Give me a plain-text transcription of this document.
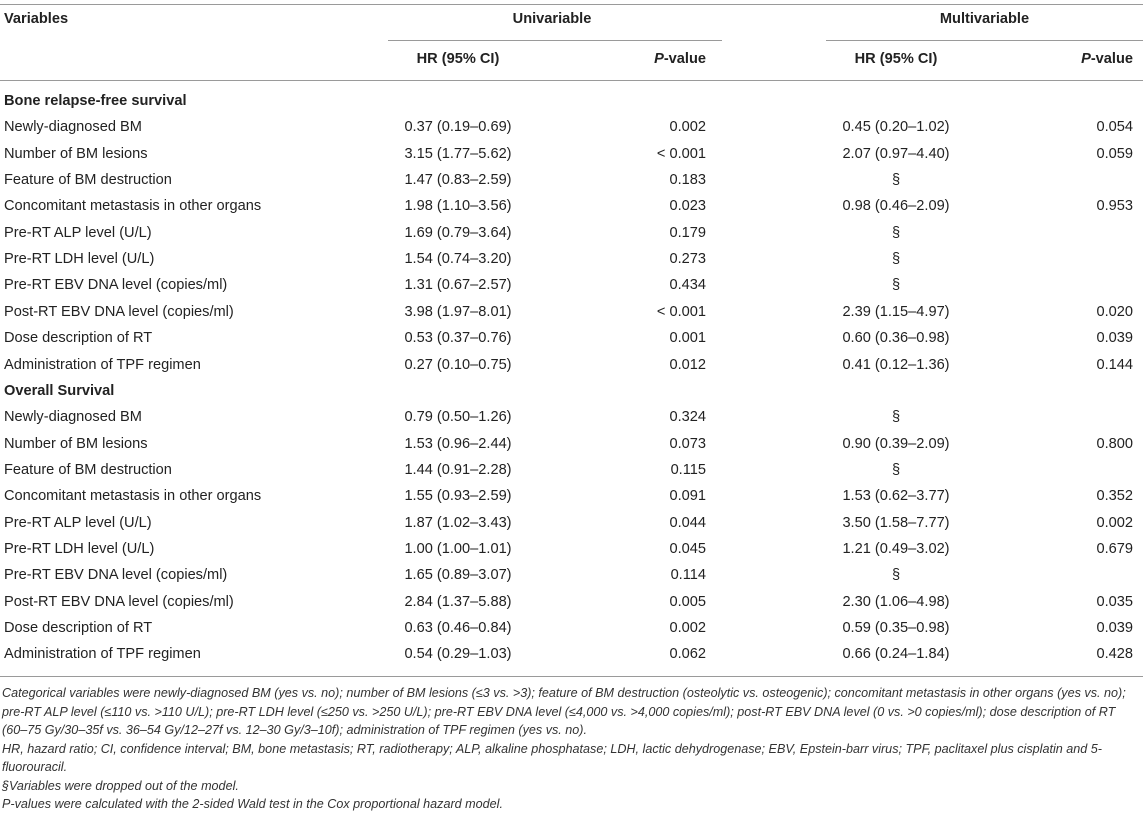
Variables	Univariable	Multivariable
HR (95% CI)	P-value	HR (95% CI)	P-value
Bone relapse-free survival
Newly-diagnosed BM	0.37 (0.19–0.69)	0.002	0.45 (0.20–1.02)	0.054
Number of BM lesions	3.15 (1.77–5.62)	< 0.001	2.07 (0.97–4.40)	0.059
Feature of BM destruction	1.47 (0.83–2.59)	0.183	§
Concomitant metastasis in other organs	1.98 (1.10–3.56)	0.023	0.98 (0.46–2.09)	0.953
Pre-RT ALP level (U/L)	1.69 (0.79–3.64)	0.179	§
Pre-RT LDH level (U/L)	1.54 (0.74–3.20)	0.273	§
Pre-RT EBV DNA level (copies/ml)	1.31 (0.67–2.57)	0.434	§
Post-RT EBV DNA level (copies/ml)	3.98 (1.97–8.01)	< 0.001	2.39 (1.15–4.97)	0.020
Dose description of RT	0.53 (0.37–0.76)	0.001	0.60 (0.36–0.98)	0.039
Administration of TPF regimen	0.27 (0.10–0.75)	0.012	0.41 (0.12–1.36)	0.144
Overall Survival
Newly-diagnosed BM	0.79 (0.50–1.26)	0.324	§
Number of BM lesions	1.53 (0.96–2.44)	0.073	0.90 (0.39–2.09)	0.800
Feature of BM destruction	1.44 (0.91–2.28)	0.115	§
Concomitant metastasis in other organs	1.55 (0.93–2.59)	0.091	1.53 (0.62–3.77)	0.352
Pre-RT ALP level (U/L)	1.87 (1.02–3.43)	0.044	3.50 (1.58–7.77)	0.002
Pre-RT LDH level (U/L)	1.00 (1.00–1.01)	0.045	1.21 (0.49–3.02)	0.679
Pre-RT EBV DNA level (copies/ml)	1.65 (0.89–3.07)	0.114	§
Post-RT EBV DNA level (copies/ml)	2.84 (1.37–5.88)	0.005	2.30 (1.06–4.98)	0.035
Dose description of RT	0.63 (0.46–0.84)	0.002	0.59 (0.35–0.98)	0.039
Administration of TPF regimen	0.54 (0.29–1.03)	0.062	0.66 (0.24–1.84)	0.428

Categorical variables were newly-diagnosed BM (yes vs. no); number of BM lesions (≤3 vs. >3); feature of BM destruction (osteolytic vs. osteogenic); concomitant metastasis in other organs (yes vs. no); pre-RT ALP level (≤110 vs. >110 U/L); pre-RT LDH level (≤250 vs. >250 U/L); pre-RT EBV DNA level (≤4,000 vs. >4,000 copies/ml); post-RT EBV DNA level (0 vs. >0 copies/ml); dose description of RT (60–75 Gy/30–35f vs. 36–54 Gy/12–27f vs. 12–30 Gy/3–10f); administration of TPF regimen (yes vs. no).

HR, hazard ratio; CI, confidence interval; BM, bone metastasis; RT, radiotherapy; ALP, alkaline phosphatase; LDH, lactic dehydrogenase; EBV, Epstein-barr virus; TPF, paclitaxel plus cisplatin and 5-fluorouracil.

§Variables were dropped out of the model.

P-values were calculated with the 2-sided Wald test in the Cox proportional hazard model.
